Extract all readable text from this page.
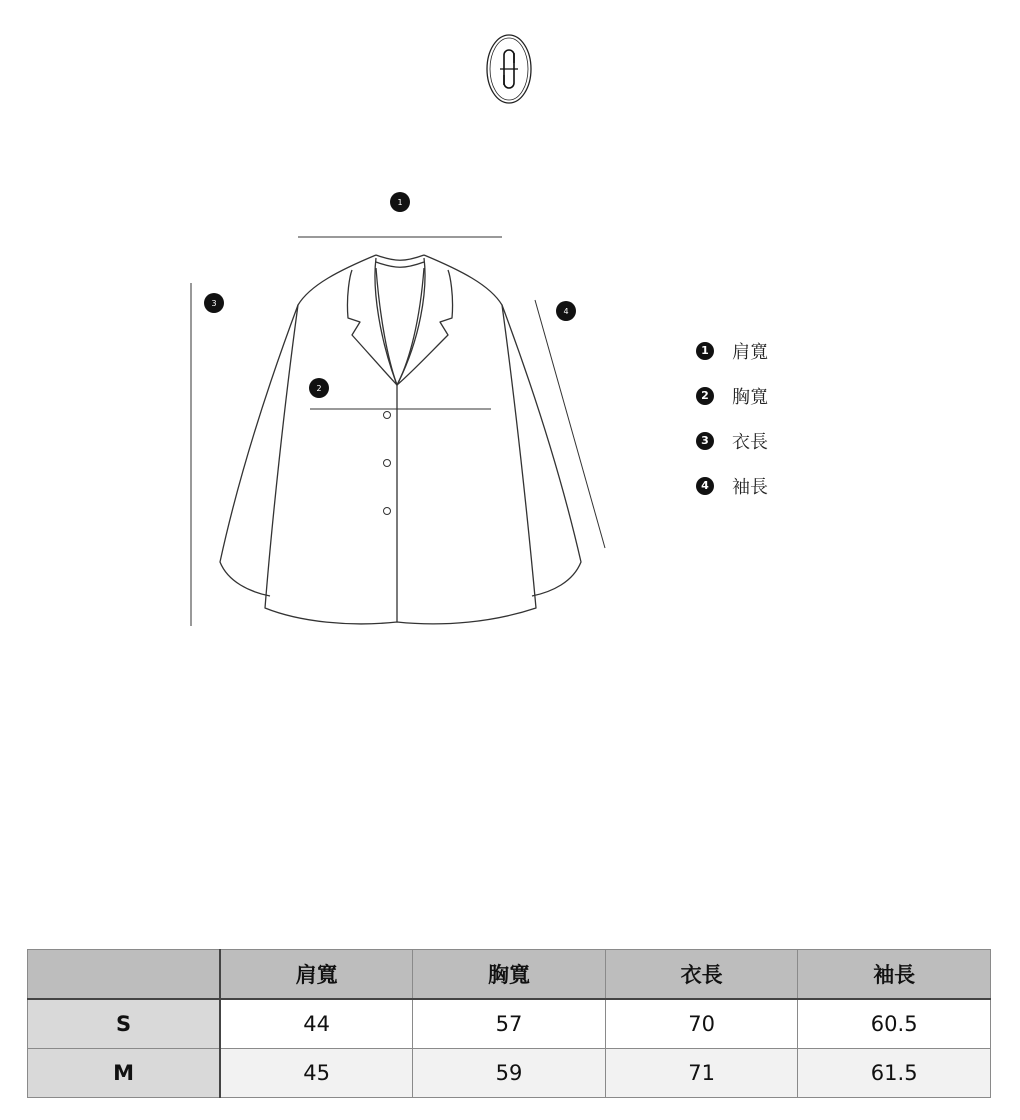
1
2
3
4
1 肩寬
2 胸寬
3 衣長
4 袖長
	肩寬	胸寬	衣長	袖長
S	44	57	70	60.5
M	45	59	71	61.5
